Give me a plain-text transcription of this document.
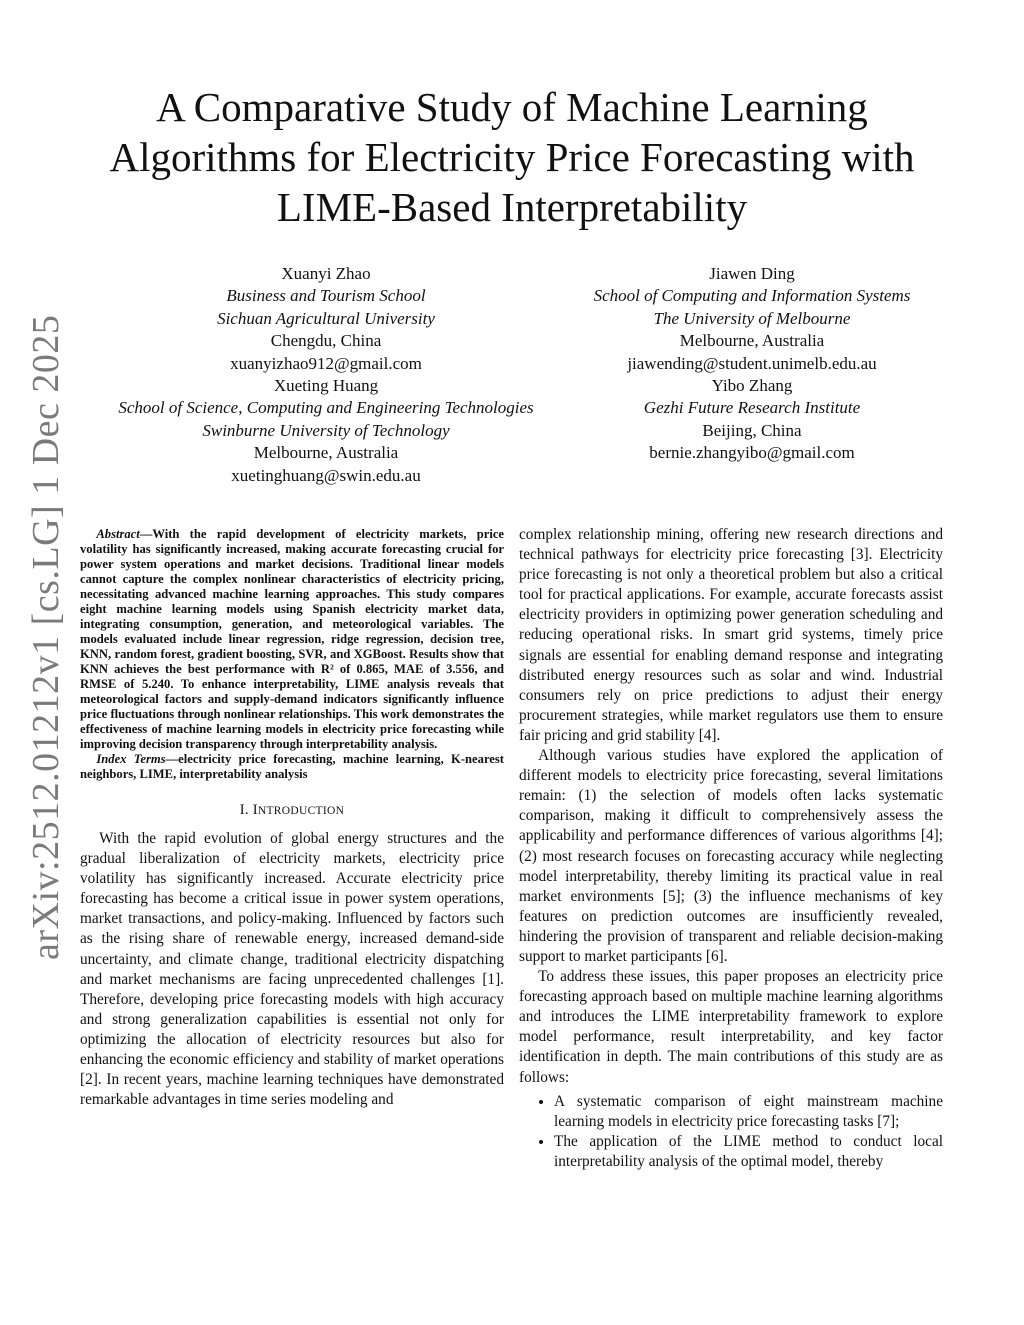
arXiv:2512.01212v1 [cs.LG] 1 Dec 2025
A Comparative Study of Machine Learning
Algorithms for Electricity Price Forecasting with
LIME-Based Interpretability
Xuanyi Zhao
Business and Tourism School
Sichuan Agricultural University
Chengdu, China
xuanyizhao912@gmail.com
Xueting Huang
School of Science, Computing and Engineering Technologies
Swinburne University of Technology
Melbourne, Australia
xuetinghuang@swin.edu.au
Jiawen Ding
School of Computing and Information Systems
The University of Melbourne
Melbourne, Australia
jiawending@student.unimelb.edu.au
Yibo Zhang
Gezhi Future Research Institute
Beijing, China
bernie.zhangyibo@gmail.com

Abstract—With the rapid development of electricity markets, price volatility has significantly increased, making accurate forecasting crucial for power system operations and market decisions. Traditional linear models cannot capture the complex nonlinear characteristics of electricity pricing, necessitating advanced machine learning approaches. This study compares eight machine learning models using Spanish electricity market data, integrating consumption, generation, and meteorological variables. The models evaluated include linear regression, ridge regression, decision tree, KNN, random forest, gradient boosting, SVR, and XGBoost. Results show that KNN achieves the best performance with R² of 0.865, MAE of 3.556, and RMSE of 5.240. To enhance interpretability, LIME analysis reveals that meteorological factors and supply-demand indicators significantly influence price fluctuations through nonlinear relationships. This work demonstrates the effectiveness of machine learning models in electricity price forecasting while improving decision transparency through interpretability analysis.

Index Terms—electricity price forecasting, machine learning, K-nearest neighbors, LIME, interpretability analysis

I. INTRODUCTION

With the rapid evolution of global energy structures and the gradual liberalization of electricity markets, electricity price volatility has significantly increased. Accurate electricity price forecasting has become a critical issue in power system operations, market transactions, and policy-making. Influenced by factors such as the rising share of renewable energy, increased demand-side uncertainty, and climate change, traditional electricity dispatching and market mechanisms are facing unprecedented challenges [1]. Therefore, developing price forecasting models with high accuracy and strong generalization capabilities is essential not only for optimizing the allocation of electricity resources but also for enhancing the economic efficiency and stability of market operations [2]. In recent years, machine learning techniques have demonstrated remarkable advantages in time series modeling and

complex relationship mining, offering new research directions and technical pathways for electricity price forecasting [3]. Electricity price forecasting is not only a theoretical problem but also a critical tool for practical applications. For example, accurate forecasts assist electricity providers in optimizing power generation scheduling and reducing operational risks. In smart grid systems, timely price signals are essential for enabling demand response and integrating distributed energy resources such as solar and wind. Industrial consumers rely on price predictions to adjust their energy procurement strategies, while market regulators use them to ensure fair pricing and grid stability [4].

Although various studies have explored the application of different models to electricity price forecasting, several limitations remain: (1) the selection of models often lacks systematic comparison, making it difficult to comprehensively assess the applicability and performance differences of various algorithms [4]; (2) most research focuses on forecasting accuracy while neglecting model interpretability, thereby limiting its practical value in real market environments [5]; (3) the influence mechanisms of key features on prediction outcomes are insufficiently revealed, hindering the provision of transparent and reliable decision-making support to market participants [6].

To address these issues, this paper proposes an electricity price forecasting approach based on multiple machine learning algorithms and introduces the LIME interpretability framework to explore model performance, result interpretability, and key factor identification in depth. The main contributions of this study are as follows:

• A systematic comparison of eight mainstream machine learning models in electricity price forecasting tasks [7];
• The application of the LIME method to conduct local interpretability analysis of the optimal model, thereby
